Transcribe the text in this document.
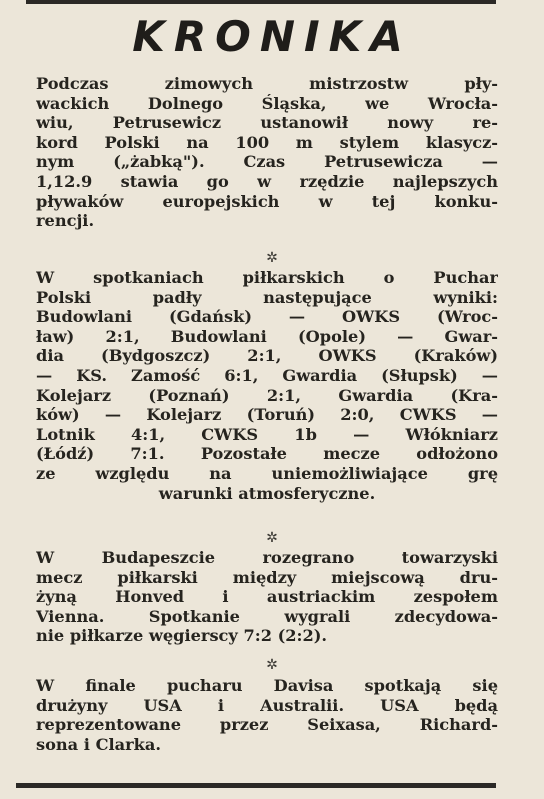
KRONIKA
Podczas zimowych mistrzostw pły-
wackich Dolnego Śląska, we Wrocła-
wiu, Petrusewicz ustanowił nowy re-
kord Polski na 100 m stylem klasycz-
nym („żabką"). Czas Petrusewicza —
1,12.9 stawia go w rzędzie najlepszych
pływaków europejskich w tej konku-
rencji.
✲
W spotkaniach piłkarskich o Puchar
Polski padły następujące wyniki:
Budowlani (Gdańsk) — OWKS (Wroc-
ław) 2:1, Budowlani (Opole) — Gwar-
dia (Bydgoszcz) 2:1, OWKS (Kraków)
— KS. Zamość 6:1, Gwardia (Słupsk) —
Kolejarz (Poznań) 2:1, Gwardia (Kra-
ków) — Kolejarz (Toruń) 2:0, CWKS —
Lotnik 4:1, CWKS 1b — Włókniarz
(Łódź) 7:1. Pozostałe mecze odłożono
ze względu na uniemożliwiające grę
warunki atmosferyczne.
✲
W Budapeszcie rozegrano towarzyski
mecz piłkarski między miejscową dru-
żyną Honved i austriackim zespołem
Vienna. Spotkanie wygrali zdecydowa-
nie piłkarze węgierscy 7:2 (2:2).
✲
W finale pucharu Davisa spotkają się
drużyny USA i Australii. USA będą
reprezentowane przez Seixasa, Richard-
sona i Clarka.
